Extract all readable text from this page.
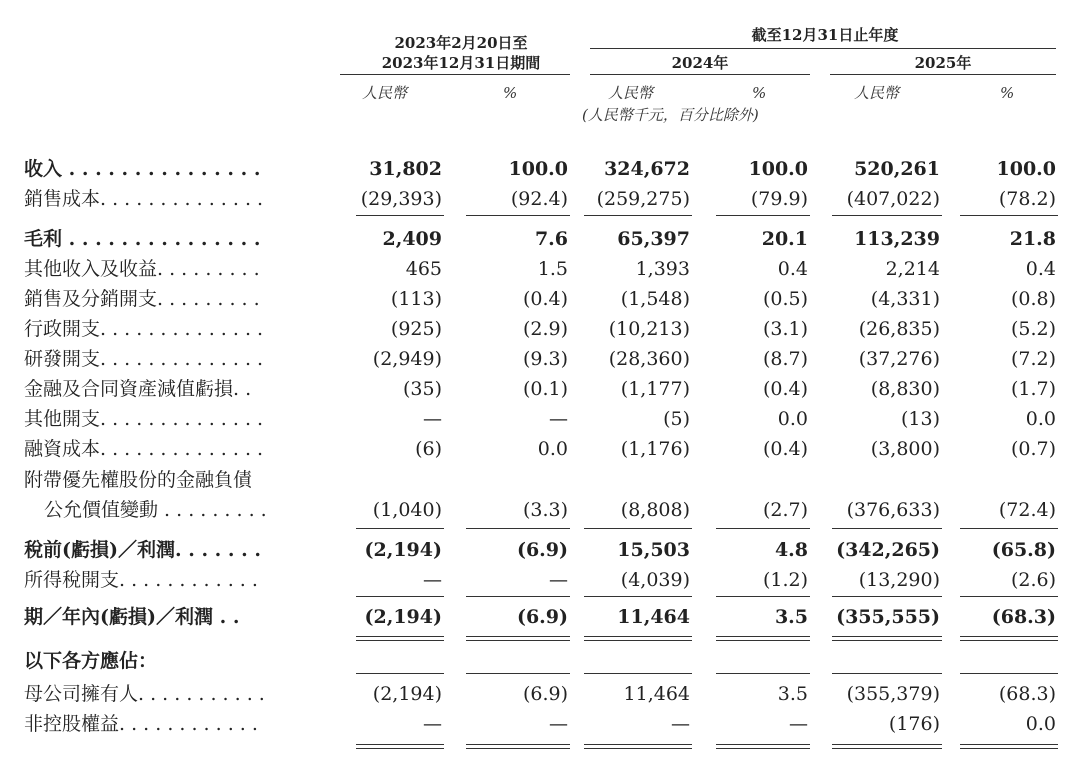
2023年2月20日至
2023年12月31日期間
截至12月31日止年度
2024年	2025年
人民幣	%	人民幣	%	人民幣	%
(人民幣千元，百分比除外)
收入 . . . . . . . . . . . . . . .	31,802	100.0	324,672	100.0	520,261	100.0
銷售成本. . . . . . . . . . . . . .	(29,393)	(92.4)	(259,275)	(79.9)	(407,022)	(78.2)
毛利 . . . . . . . . . . . . . . .	2,409	7.6	65,397	20.1	113,239	21.8
其他收入及收益. . . . . . . . .	465	1.5	1,393	0.4	2,214	0.4
銷售及分銷開支. . . . . . . . .	(113)	(0.4)	(1,548)	(0.5)	(4,331)	(0.8)
行政開支. . . . . . . . . . . . . .	(925)	(2.9)	(10,213)	(3.1)	(26,835)	(5.2)
研發開支. . . . . . . . . . . . . .	(2,949)	(9.3)	(28,360)	(8.7)	(37,276)	(7.2)
金融及合同資產減值虧損. .	(35)	(0.1)	(1,177)	(0.4)	(8,830)	(1.7)
其他開支. . . . . . . . . . . . . .	—	—	(5)	0.0	(13)	0.0
融資成本. . . . . . . . . . . . . .	(6)	0.0	(1,176)	(0.4)	(3,800)	(0.7)
附帶優先權股份的金融負債
公允價值變動 . . . . . . . . .	(1,040)	(3.3)	(8,808)	(2.7)	(376,633)	(72.4)
稅前(虧損)／利潤. . . . . . .	(2,194)	(6.9)	15,503	4.8	(342,265)	(65.8)
所得稅開支. . . . . . . . . . . .	—	—	(4,039)	(1.2)	(13,290)	(2.6)
期／年內(虧損)／利潤 . .	(2,194)	(6.9)	11,464	3.5	(355,555)	(68.3)
以下各方應佔：
母公司擁有人. . . . . . . . . . .	(2,194)	(6.9)	11,464	3.5	(355,379)	(68.3)
非控股權益. . . . . . . . . . . .	—	—	—	—	(176)	0.0
